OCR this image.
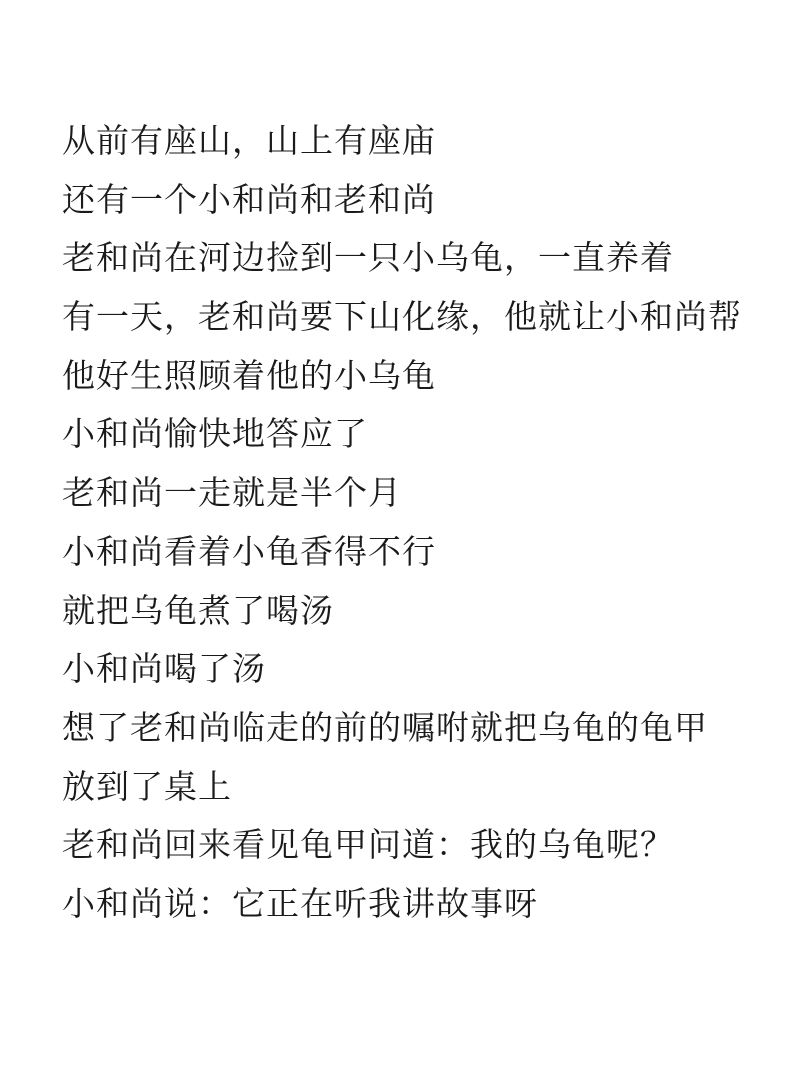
从前有座山，山上有座庙
还有一个小和尚和老和尚
老和尚在河边捡到一只小乌龟，一直养着
有一天，老和尚要下山化缘，他就让小和尚帮
他好生照顾着他的小乌龟
小和尚愉快地答应了
老和尚一走就是半个月
小和尚看着小龟香得不行
就把乌龟煮了喝汤
小和尚喝了汤
想了老和尚临走的前的嘱咐就把乌龟的龟甲
放到了桌上
老和尚回来看见龟甲问道：我的乌龟呢？
小和尚说：它正在听我讲故事呀
